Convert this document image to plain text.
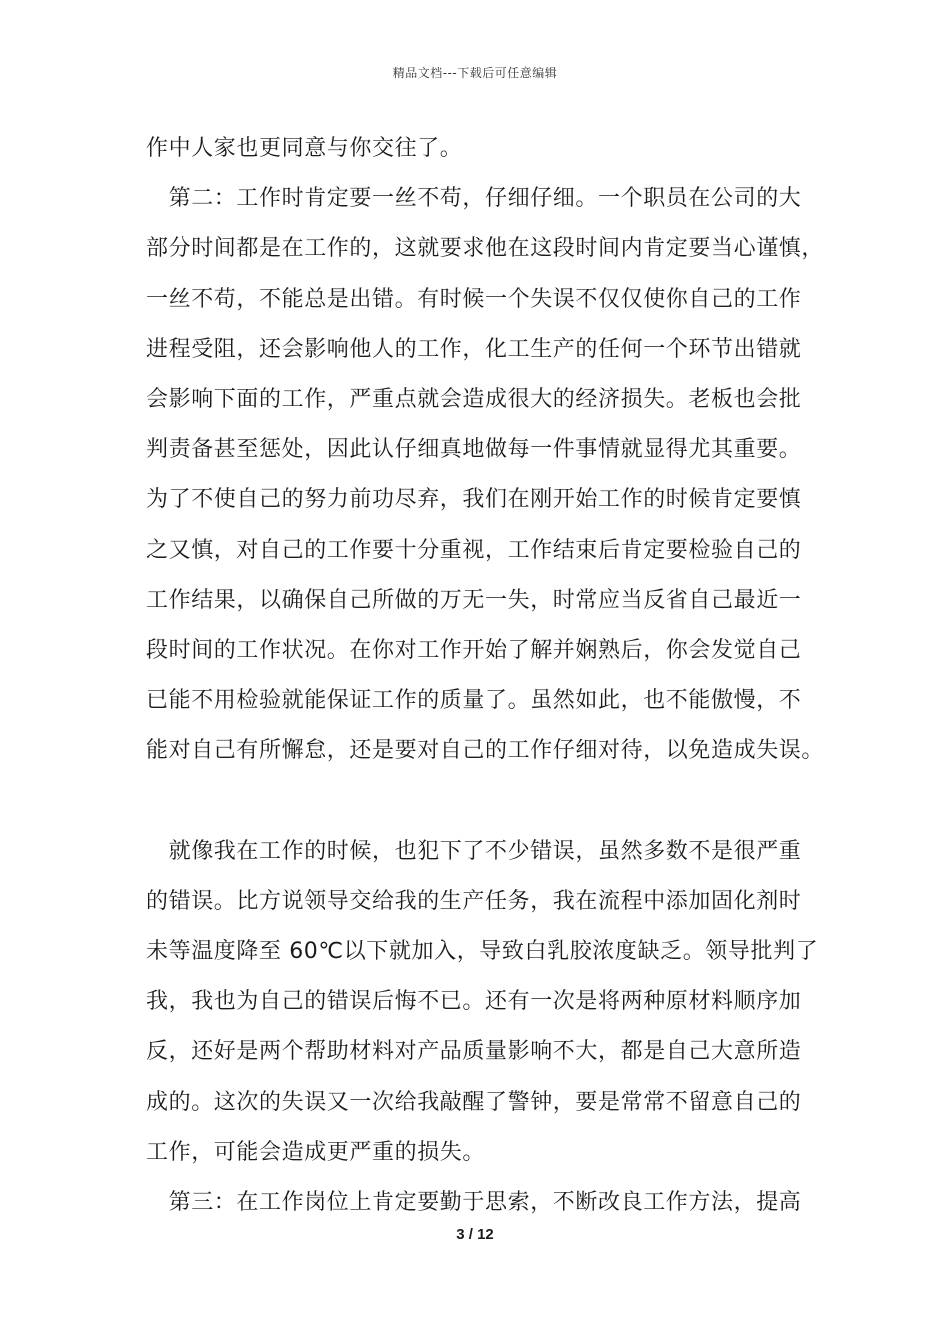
精品文档---下载后可任意编辑
作中人家也更同意与你交往了。
　第二：工作时肯定要一丝不苟，仔细仔细。一个职员在公司的大
部分时间都是在工作的，这就要求他在这段时间内肯定要当心谨慎，
一丝不苟，不能总是出错。有时候一个失误不仅仅使你自己的工作
进程受阻，还会影响他人的工作，化工生产的任何一个环节出错就
会影响下面的工作，严重点就会造成很大的经济损失。老板也会批
判责备甚至惩处，因此认仔细真地做每一件事情就显得尤其重要。
为了不使自己的努力前功尽弃，我们在刚开始工作的时候肯定要慎
之又慎，对自己的工作要十分重视，工作结束后肯定要检验自己的
工作结果，以确保自己所做的万无一失，时常应当反省自己最近一
段时间的工作状况。在你对工作开始了解并娴熟后，你会发觉自己
已能不用检验就能保证工作的质量了。虽然如此，也不能傲慢，不
能对自己有所懈怠，还是要对自己的工作仔细对待，以免造成失误。
　就像我在工作的时候，也犯下了不少错误，虽然多数不是很严重
的错误。比方说领导交给我的生产任务，我在流程中添加固化剂时
未等温度降至 60℃以下就加入，导致白乳胶浓度缺乏。领导批判了
我，我也为自己的错误后悔不已。还有一次是将两种原材料顺序加
反，还好是两个帮助材料对产品质量影响不大，都是自己大意所造
成的。这次的失误又一次给我敲醒了警钟，要是常常不留意自己的
工作，可能会造成更严重的损失。
　第三：在工作岗位上肯定要勤于思索，不断改良工作方法，提高
3 / 12
